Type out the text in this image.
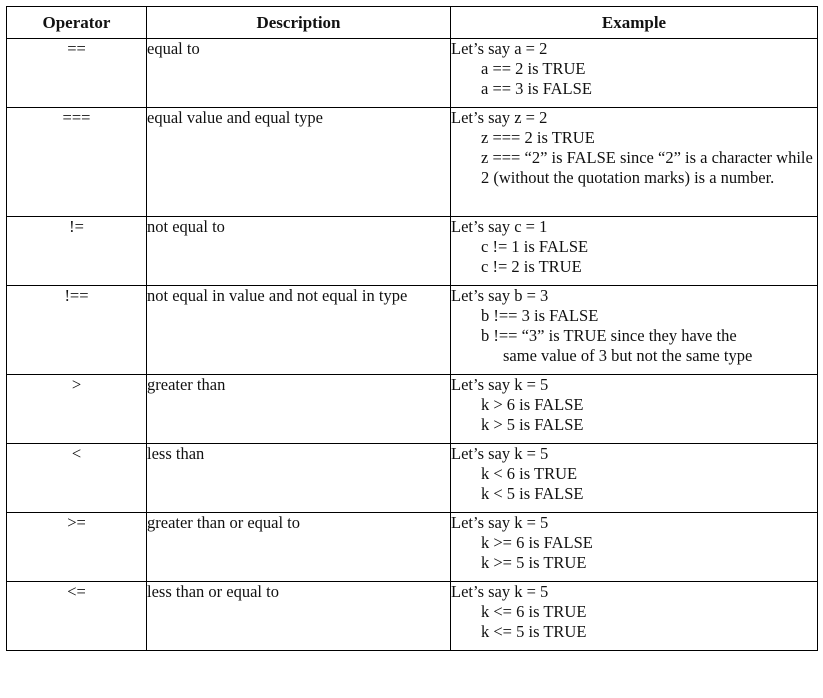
Operator	Description	Example
==	equal to	Let’s say a = 2
a == 2 is TRUE
a == 3 is FALSE

===	equal value and equal type	Let’s say z = 2
z === 2 is TRUE
z === “2” is FALSE since “2” is a character while 2 (without the quotation marks) is a number.

!=	not equal to	Let’s say c = 1
c != 1 is FALSE
c != 2 is TRUE

!==	not equal in value and not equal in type	Let’s say b = 3
b !== 3 is FALSE
b !== “3” is TRUE since they have the
same value of 3 but not the same type

>	greater than	Let’s say k = 5
k > 6 is FALSE
k > 5 is FALSE

<	less than	Let’s say k = 5
k < 6 is TRUE
k < 5 is FALSE

>=	greater than or equal to	Let’s say k = 5
k >= 6 is FALSE
k >= 5 is TRUE

<=	less than or equal to	Let’s say k = 5
k <= 6 is TRUE
k <= 5 is TRUE
